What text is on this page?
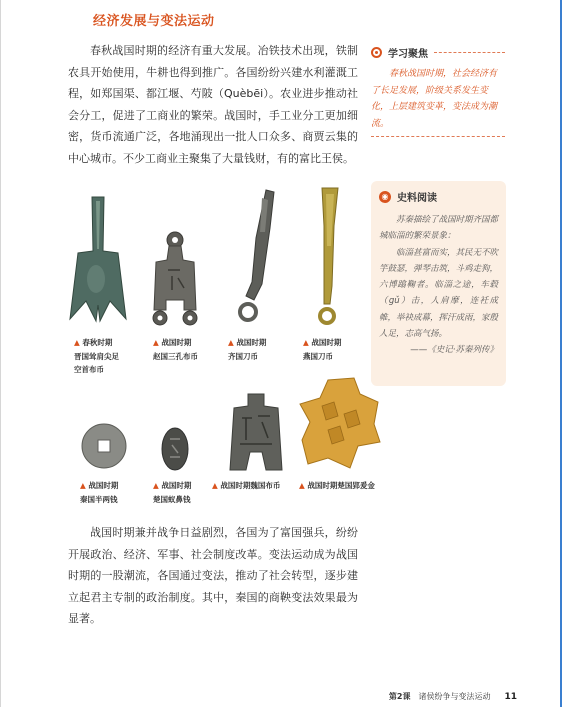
经济发展与变法运动
春秋战国时期的经济有重大发展。冶铁技术出现，铁制农具开始使用，牛耕也得到推广。各国纷纷兴建水利灌溉工程，如郑国渠、都江堰、芍陂（Quèbēi）。农业进步推动社会分工，促进了工商业的繁荣。战国时，手工业分工更加细密，货币流通广泛，各地涌现出一批人口众多、商贾云集的中心城市。不少工商业主聚集了大量钱财，有的富比王侯。
学习聚焦
春秋战国时期，社会经济有了长足发展，阶级关系发生变化，上层建筑变革，变法成为潮流。
◉ 史料阅读

苏秦描绘了战国时期齐国都城临淄的繁荣景象：

临淄甚富而实，其民无不吹竽鼓瑟，弹琴击筑，斗鸡走狗，六博蹹鞠者。临淄之途，车毂（gǔ）击，人肩摩，连衽成帷，举袂成幕，挥汗成雨，家殷人足，志高气扬。

——《史记·苏秦列传》
▲ 春秋时期
晋国耸肩尖足
空首布币
▲ 战国时期
赵国三孔布币
▲ 战国时期
齐国刀币
▲ 战国时期
燕国刀币
▲ 战国时期
秦国半两钱
▲ 战国时期
楚国蚁鼻钱
▲ 战国时期魏国布币 ▲ 战国时期楚国郢爰金
战国时期兼并战争日益剧烈，各国为了富国强兵，纷纷开展政治、经济、军事、社会制度改革。变法运动成为战国时期的一股潮流，各国通过变法，推动了社会转型，逐步建立起君主专制的政治制度。其中，秦国的商鞅变法效果最为显著。
第2课 诸侯纷争与变法运动 11
